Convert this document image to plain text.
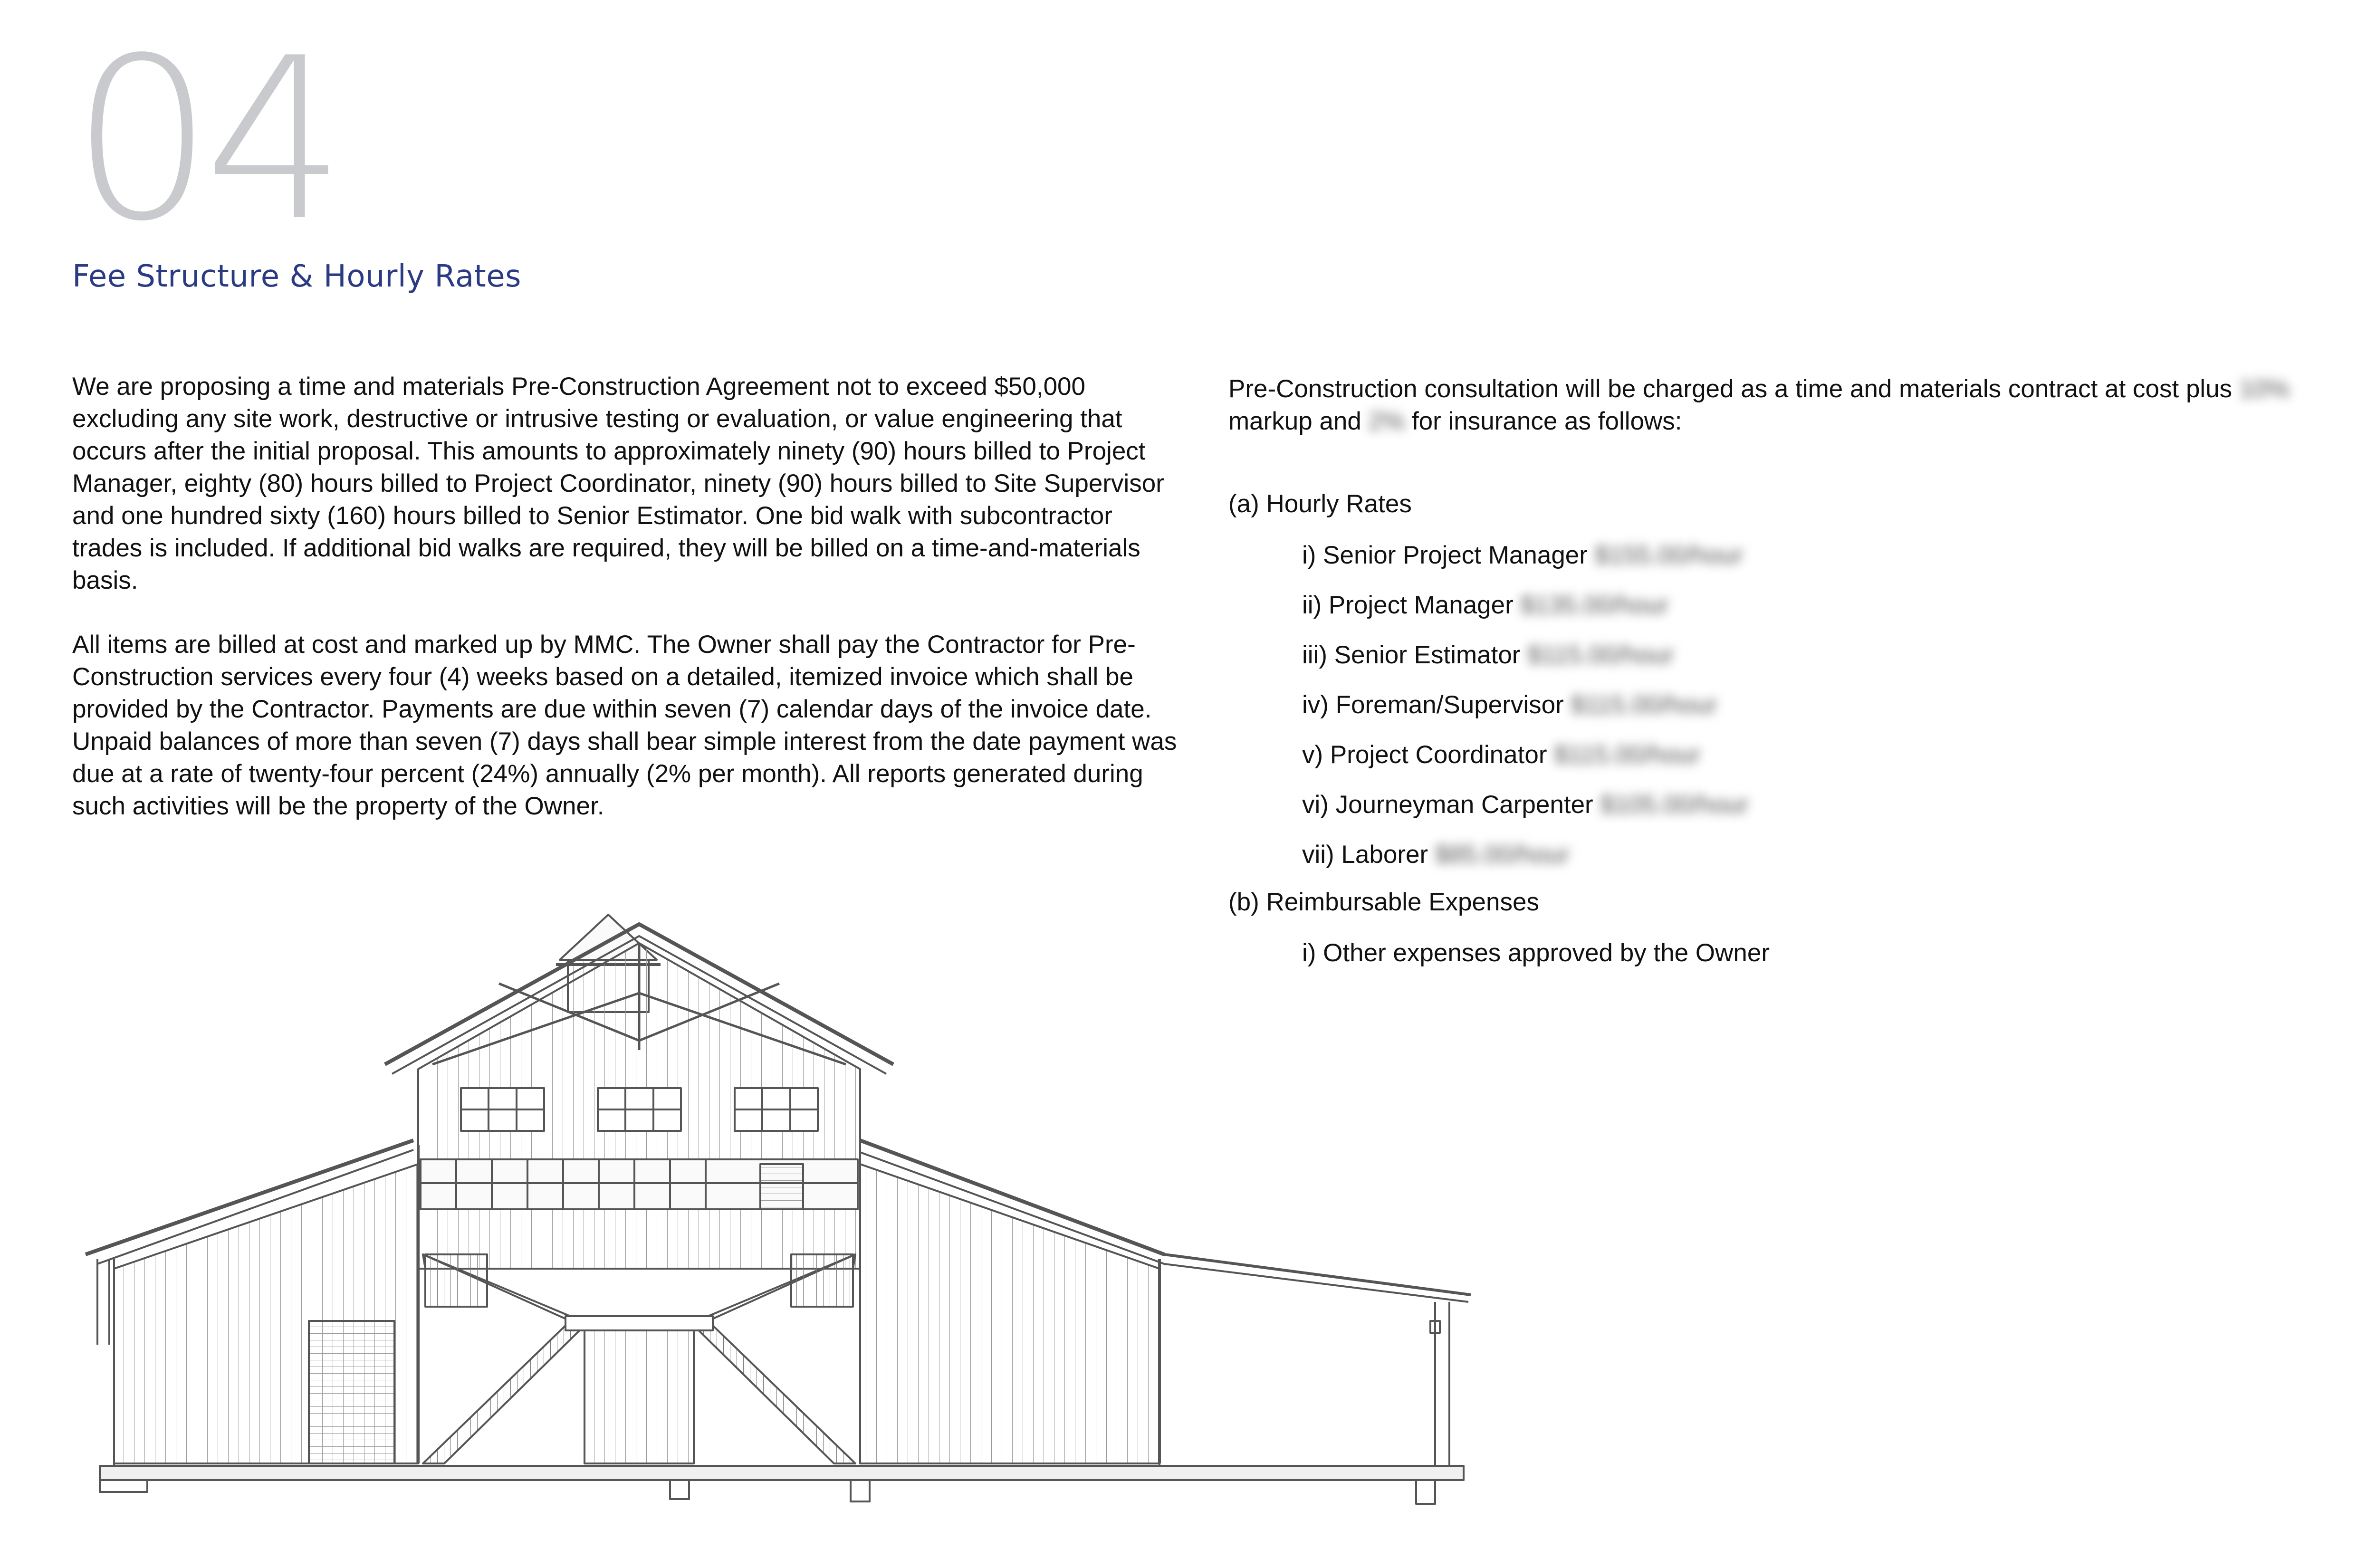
04
Fee Structure & Hourly Rates

We are proposing a time and materials Pre-Construction Agreement not to exceed $50,000 excluding any site work, destructive or intrusive testing or evaluation, or value engineering that occurs after the initial proposal. This amounts to approximately ninety (90) hours billed to Project Manager, eighty (80) hours billed to Project Coordinator, ninety (90) hours billed to Site Supervisor and one hundred sixty (160) hours billed to Senior Estimator. One bid walk with subcontractor trades is included. If additional bid walks are required, they will be billed on a time-and-materials basis.

All items are billed at cost and marked up by MMC. The Owner shall pay the Contractor for Pre-Construction services every four (4) weeks based on a detailed, itemized invoice which shall be provided by the Contractor. Payments are due within seven (7) calendar days of the invoice date. Unpaid balances of more than seven (7) days shall bear simple interest from the date payment was due at a rate of twenty-four percent (24%) annually (2% per month). All reports generated during such activities will be the property of the Owner.

Pre-Construction consultation will be charged as a time and materials contract at cost plus 10% markup and 2% for insurance as follows:

(a) Hourly Rates
i) Senior Project Manager $155.00/hour
ii) Project Manager $135.00/hour
iii) Senior Estimator $115.00/hour
iv) Foreman/Supervisor $115.00/hour
v) Project Coordinator $115.00/hour
vi) Journeyman Carpenter $105.00/hour
vii) Laborer $85.00/hour
(b) Reimbursable Expenses
i) Other expenses approved by the Owner
